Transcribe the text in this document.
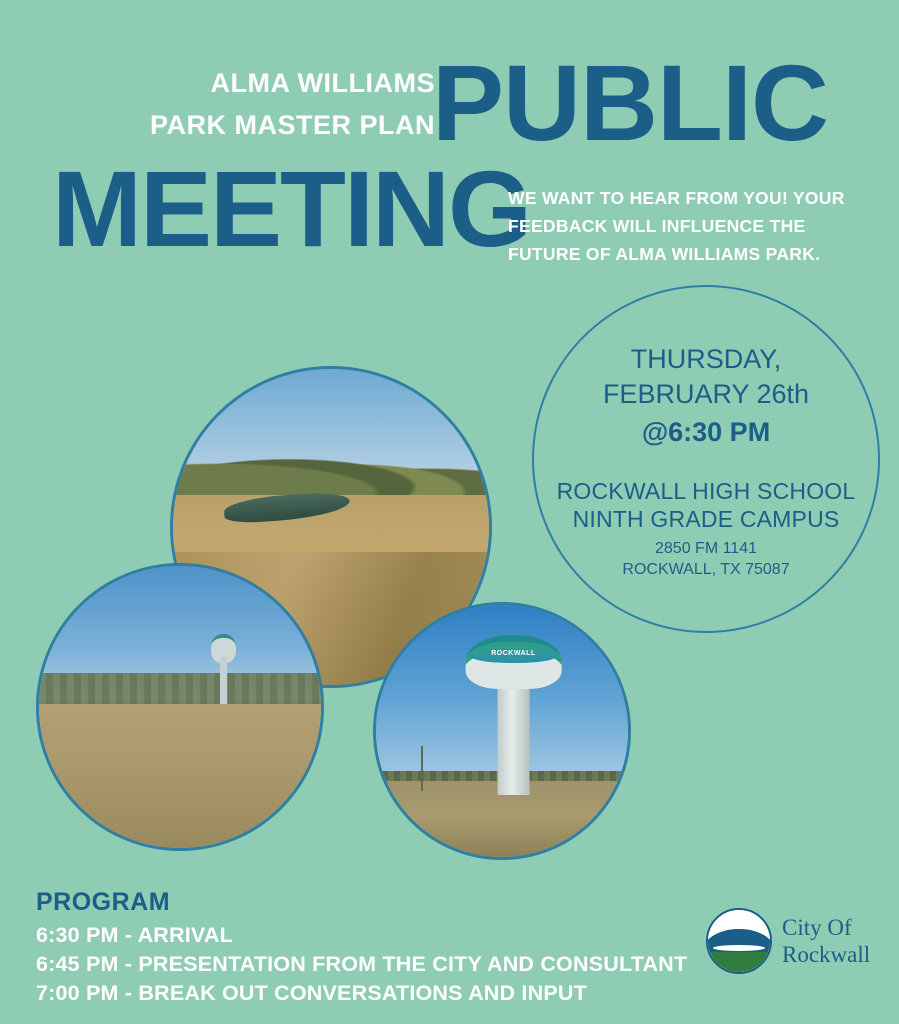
ALMA WILLIAMS
PARK MASTER PLAN
PUBLIC
MEETING
WE WANT TO HEAR FROM YOU! YOUR FEEDBACK WILL INFLUENCE THE FUTURE OF ALMA WILLIAMS PARK.
THURSDAY,
FEBRUARY 26th
@6:30 PM
ROCKWALL HIGH SCHOOL
NINTH GRADE CAMPUS
2850 FM 1141
ROCKWALL, TX 75087
ROCKWALL
PROGRAM
6:30 PM - ARRIVAL
6:45 PM - PRESENTATION FROM THE CITY AND CONSULTANT
7:00 PM - BREAK OUT CONVERSATIONS AND INPUT
City Of
Rockwall
